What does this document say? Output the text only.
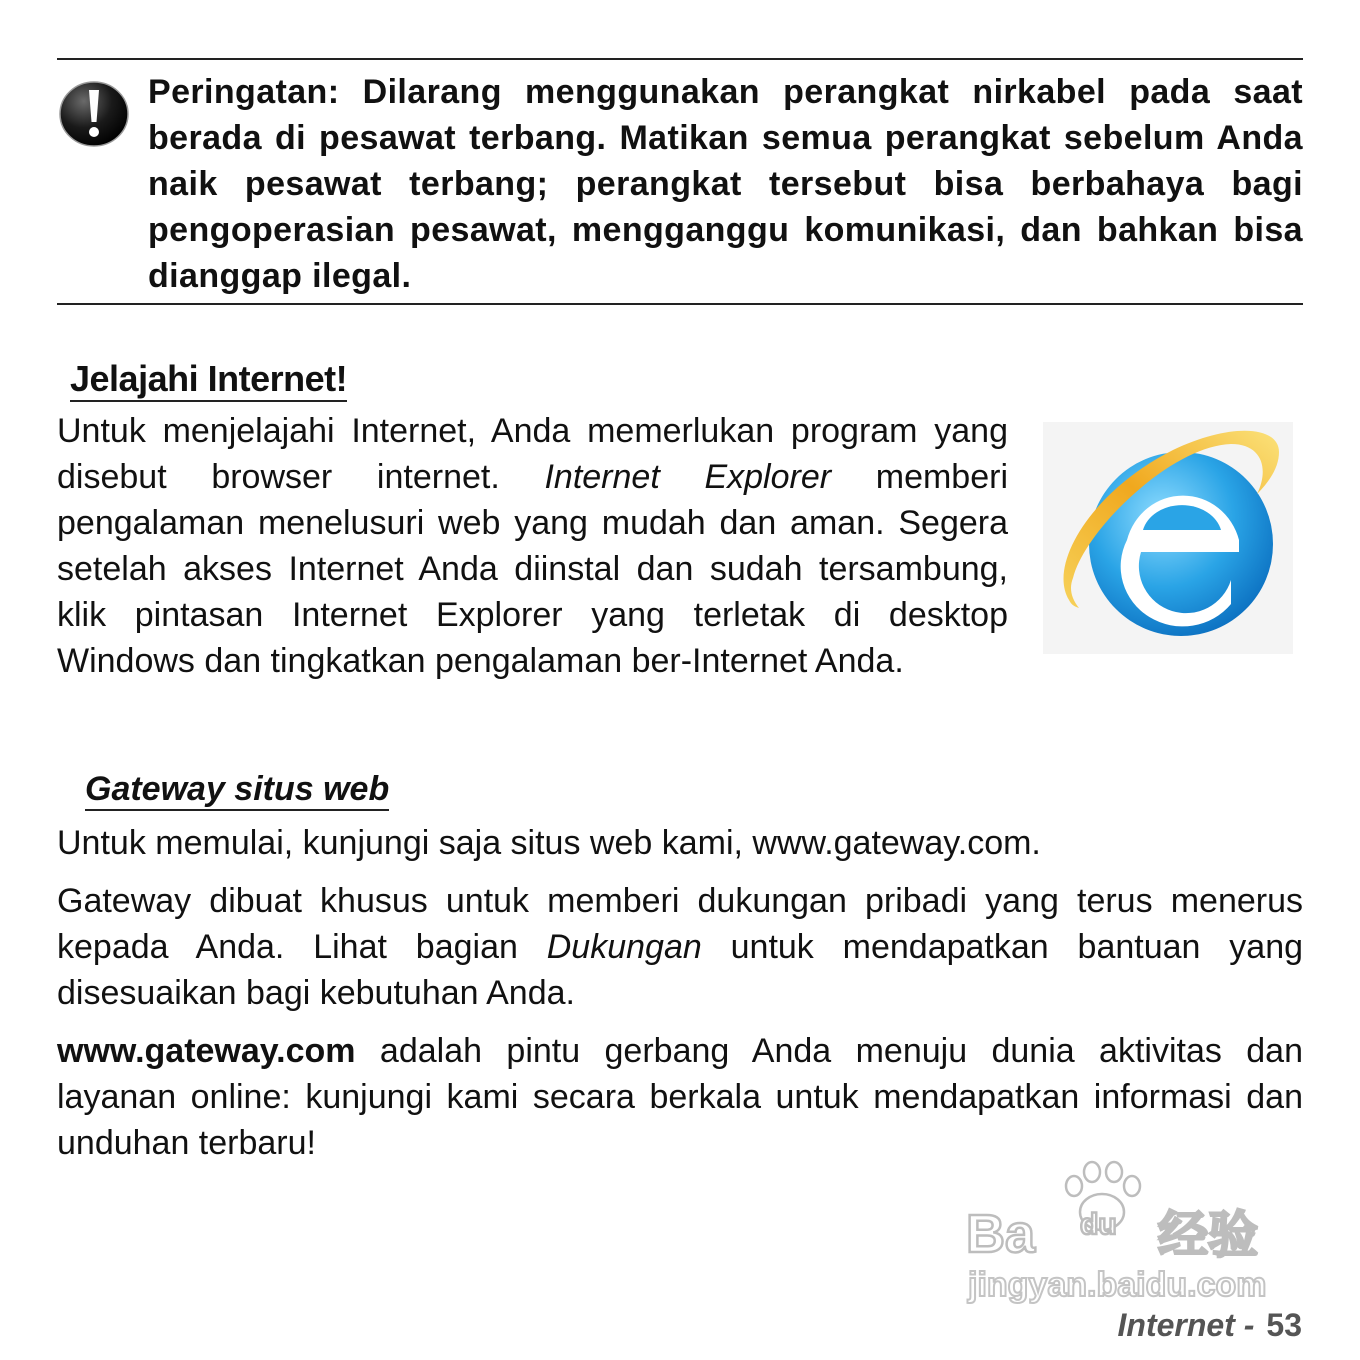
Peringatan: Dilarang menggunakan perangkat nirkabel pada saat berada di pesawat terbang. Matikan semua perangkat sebelum Anda naik pesawat terbang; perangkat tersebut bisa berbahaya bagi pengoperasian pesawat, mengganggu komunikasi, dan bahkan bisa dianggap ilegal.

Jelajahi Internet!

Untuk menjelajahi Internet, Anda memerlukan program yang disebut browser internet. Internet Explorer memberi pengalaman menelusuri web yang mudah dan aman. Segera setelah akses Internet Anda diinstal dan sudah tersambung, klik pintasan Internet Explorer yang terletak di desktop Windows dan tingkatkan pengalaman ber-Internet Anda.

Gateway situs web

Untuk memulai, kunjungi saja situs web kami, www.gateway.com.

Gateway dibuat khusus untuk memberi dukungan pribadi yang terus menerus kepada Anda. Lihat bagian Dukungan untuk mendapatkan bantuan yang disesuaikan bagi kebutuhan Anda.

www.gateway.com adalah pintu gerbang Anda menuju dunia aktivitas dan layanan online: kunjungi kami secara berkala untuk mendapatkan informasi dan unduhan terbaru!

Ba du 经验
jingyan.baidu.com

Internet - 53
